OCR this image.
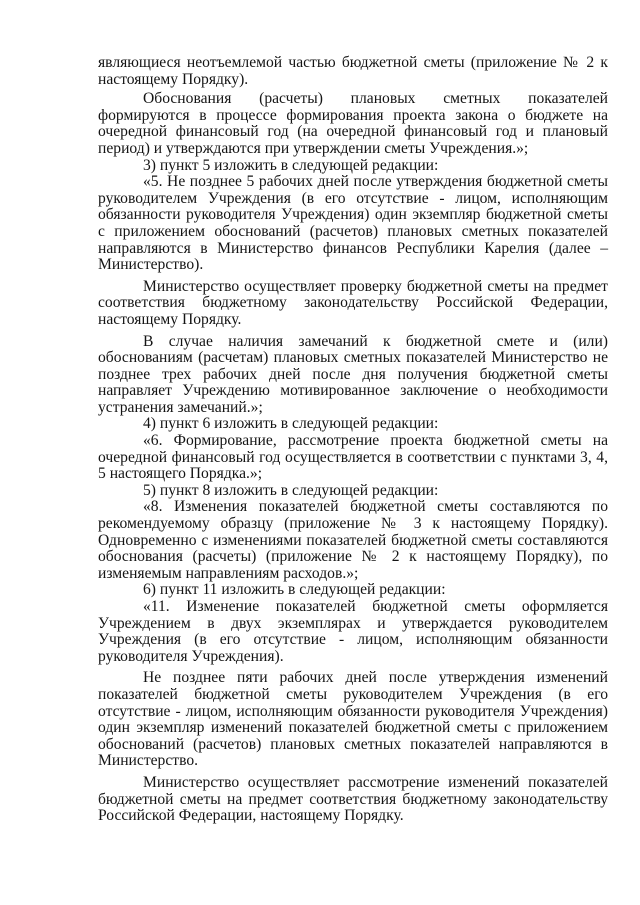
являющиеся неотъемлемой частью бюджетной сметы (приложение № 2 к настоящему Порядку).

Обоснования (расчеты) плановых сметных показателей формируются в процессе формирования проекта закона о бюджете на очередной финансовый год (на очередной финансовый год и плановый период) и утверждаются при утверждении сметы Учреждения.»;

3) пункт 5 изложить в следующей редакции:

«5. Не позднее 5 рабочих дней после утверждения бюджетной сметы руководителем Учреждения (в его отсутствие - лицом, исполняющим обязанности руководителя Учреждения) один экземпляр бюджетной сметы с приложением обоснований (расчетов) плановых сметных показателей направляются в Министерство финансов Республики Карелия (далее – Министерство).

Министерство осуществляет проверку бюджетной сметы на предмет соответствия бюджетному законодательству Российской Федерации, настоящему Порядку.

В случае наличия замечаний к бюджетной смете и (или) обоснованиям (расчетам) плановых сметных показателей Министерство не позднее трех рабочих дней после дня получения бюджетной сметы направляет Учреждению мотивированное заключение о необходимости устранения замечаний.»;

4) пункт 6 изложить в следующей редакции:

«6. Формирование, рассмотрение проекта бюджетной сметы на очередной финансовый год осуществляется в соответствии с пунктами 3, 4, 5 настоящего Порядка.»;

5) пункт 8 изложить в следующей редакции:

«8. Изменения показателей бюджетной сметы составляются по рекомендуемому образцу (приложение № 3 к настоящему Порядку). Одновременно с изменениями показателей бюджетной сметы составляются обоснования (расчеты) (приложение № 2 к настоящему Порядку), по изменяемым направлениям расходов.»;

6) пункт 11 изложить в следующей редакции:

«11. Изменение показателей бюджетной сметы оформляется Учреждением в двух экземплярах и утверждается руководителем Учреждения (в его отсутствие - лицом, исполняющим обязанности руководителя Учреждения).

Не позднее пяти рабочих дней после утверждения изменений показателей бюджетной сметы руководителем Учреждения (в его отсутствие - лицом, исполняющим обязанности руководителя Учреждения) один экземпляр изменений показателей бюджетной сметы с приложением обоснований (расчетов) плановых сметных показателей направляются в Министерство.

Министерство осуществляет рассмотрение изменений показателей бюджетной сметы на предмет соответствия бюджетному законодательству Российской Федерации, настоящему Порядку.
